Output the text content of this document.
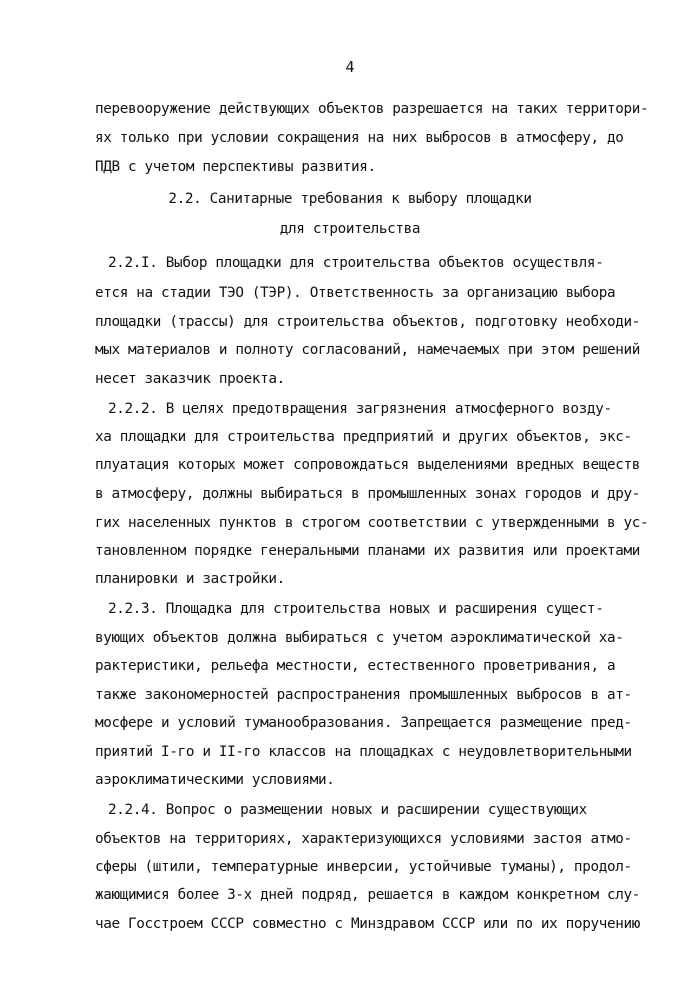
4
перевооружение действующих объектов разрешается на таких территори-
ях только при условии сокращения на них выбросов в атмосферу, до
ПДВ с учетом перспективы развития.
2.2. Санитарные требования к выбору площадки
для строительства
2.2.I. Выбор площадки для строительства объектов осуществля-
ется на стадии ТЭО (ТЭР). Ответственность за организацию выбора
площадки (трассы) для строительства объектов, подготовку необходи-
мых материалов и полноту согласований, намечаемых при этом решений
несет заказчик проекта.
2.2.2. В целях предотвращения загрязнения атмосферного возду-
ха площадки для строительства предприятий и других объектов, экс-
плуатация которых может сопровождаться выделениями вредных веществ
в атмосферу, должны выбираться в промышленных зонах городов и дру-
гих населенных пунктов в строгом соответствии с утвержденными в ус-
тановленном порядке генеральными планами их развития или проектами
планировки и застройки.
2.2.3. Площадка для строительства новых и расширения сущест-
вующих объектов должна выбираться с учетом аэроклиматической ха-
рактеристики, рельефа местности, естественного проветривания, а
также закономерностей распространения промышленных выбросов в ат-
мосфере и условий туманообразования. Запрещается размещение пред-
приятий I-го и II-го классов на площадках с неудовлетворительными
аэроклиматическими условиями.
2.2.4. Вопрос о размещении новых и расширении существующих
объектов на территориях, характеризующихся условиями застоя атмо-
сферы (штили, температурные инверсии, устойчивые туманы), продол-
жающимися более 3-х дней подряд, решается в каждом конкретном слу-
чае Госстроем СССР совместно с Минздравом СССР или по их поручению
